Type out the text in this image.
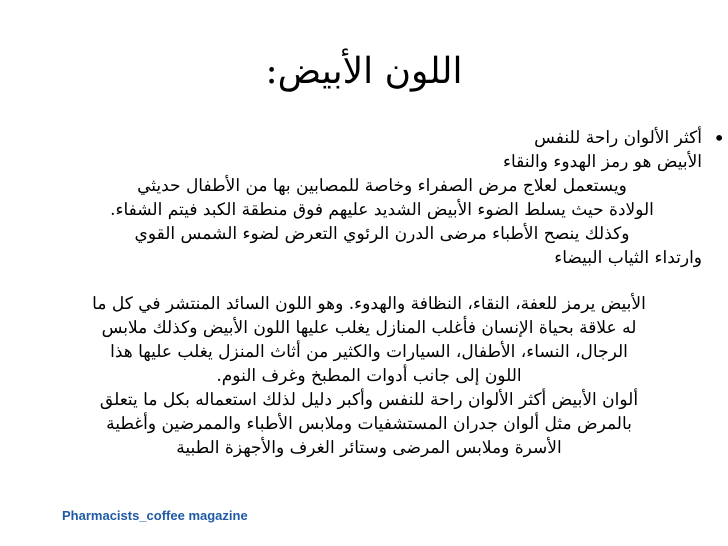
اللون الأبيض:
•
أكثر الألوان راحة للنفس
الأبيض هو رمز الهدوء والنقاء
ويستعمل لعلاج مرض الصفراء وخاصة للمصابين بها من الأطفال حديثي
الولادة حيث يسلط الضوء الأبيض الشديد عليهم فوق منطقة الكبد فيتم الشفاء.
وكذلك ينصح الأطباء مرضى الدرن الرئوي التعرض لضوء الشمس القوي
وارتداء الثياب البيضاء
الأبيض يرمز للعفة، النقاء، النظافة والهدوء. وهو اللون السائد المنتشر في كل ما
له علاقة بحياة الإنسان فأغلب المنازل يغلب عليها اللون الأبيض وكذلك ملابس
الرجال، النساء، الأطفال، السيارات والكثير من أثاث المنزل يغلب عليها هذا
اللون إلى جانب أدوات المطبخ وغرف النوم.
ألوان الأبيض أكثر الألوان راحة للنفس وأكبر دليل لذلك استعماله بكل ما يتعلق
بالمرض مثل ألوان جدران المستشفيات وملابس الأطباء والممرضين وأغطية
الأسرة وملابس المرضى وستائر الغرف والأجهزة الطبية
Pharmacists_coffee magazine
